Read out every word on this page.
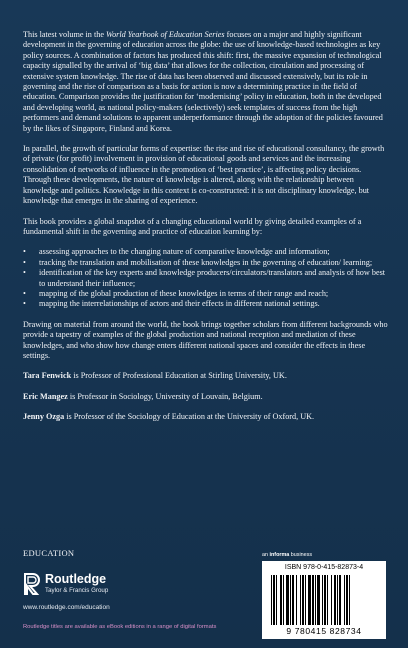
This latest volume in the World Yearbook of Education Series focuses on a major and highly significant development in the governing of education across the globe: the use of knowledge-based technologies as key policy sources. A combination of factors has produced this shift: first, the massive expansion of technological capacity signalled by the arrival of ‘big data’ that allows for the collection, circulation and processing of extensive system knowledge. The rise of data has been observed and discussed extensively, but its role in governing and the rise of comparison as a basis for action is now a determining practice in the field of education. Comparison provides the justification for ‘modernising’ policy in education, both in the developed and developing world, as national policy-makers (selectively) seek templates of success from the high performers and demand solutions to apparent underperformance through the adoption of the policies favoured by the likes of Singapore, Finland and Korea.

In parallel, the growth of particular forms of expertise: the rise and rise of educational consultancy, the growth of private (for profit) involvement in provision of educational goods and services and the increasing consolidation of networks of influence in the promotion of ‘best practice’, is affecting policy decisions. Through these developments, the nature of knowledge is altered, along with the relationship between knowledge and politics. Knowledge in this context is co-constructed: it is not disciplinary knowledge, but knowledge that emerges in the sharing of experience.

This book provides a global snapshot of a changing educational world by giving detailed examples of a fundamental shift in the governing and practice of education learning by:

• assessing approaches to the changing nature of comparative knowledge and information;
• tracking the translation and mobilisation of these knowledges in the governing of education/ learning;
• identification of the key experts and knowledge producers/circulators/translators and analysis of how best to understand their influence;
• mapping of the global production of these knowledges in terms of their range and reach;
• mapping the interrelationships of actors and their effects in different national settings.

Drawing on material from around the world, the book brings together scholars from different backgrounds who provide a tapestry of examples of the global production and national reception and mediation of these knowledges, and who show how change enters different national spaces and consider the effects in these settings.

Tara Fenwick is Professor of Professional Education at Stirling University, UK.

Eric Mangez is Professor in Sociology, University of Louvain, Belgium.

Jenny Ozga is Professor of the Sociology of Education at the University of Oxford, UK.

EDUCATION
Routledge
Taylor & Francis Group
www.routledge.com/education
Routledge titles are available as eBook editions in a range of digital formats
an informa business
ISBN 978-0-415-82873-4
9 780415 828734
